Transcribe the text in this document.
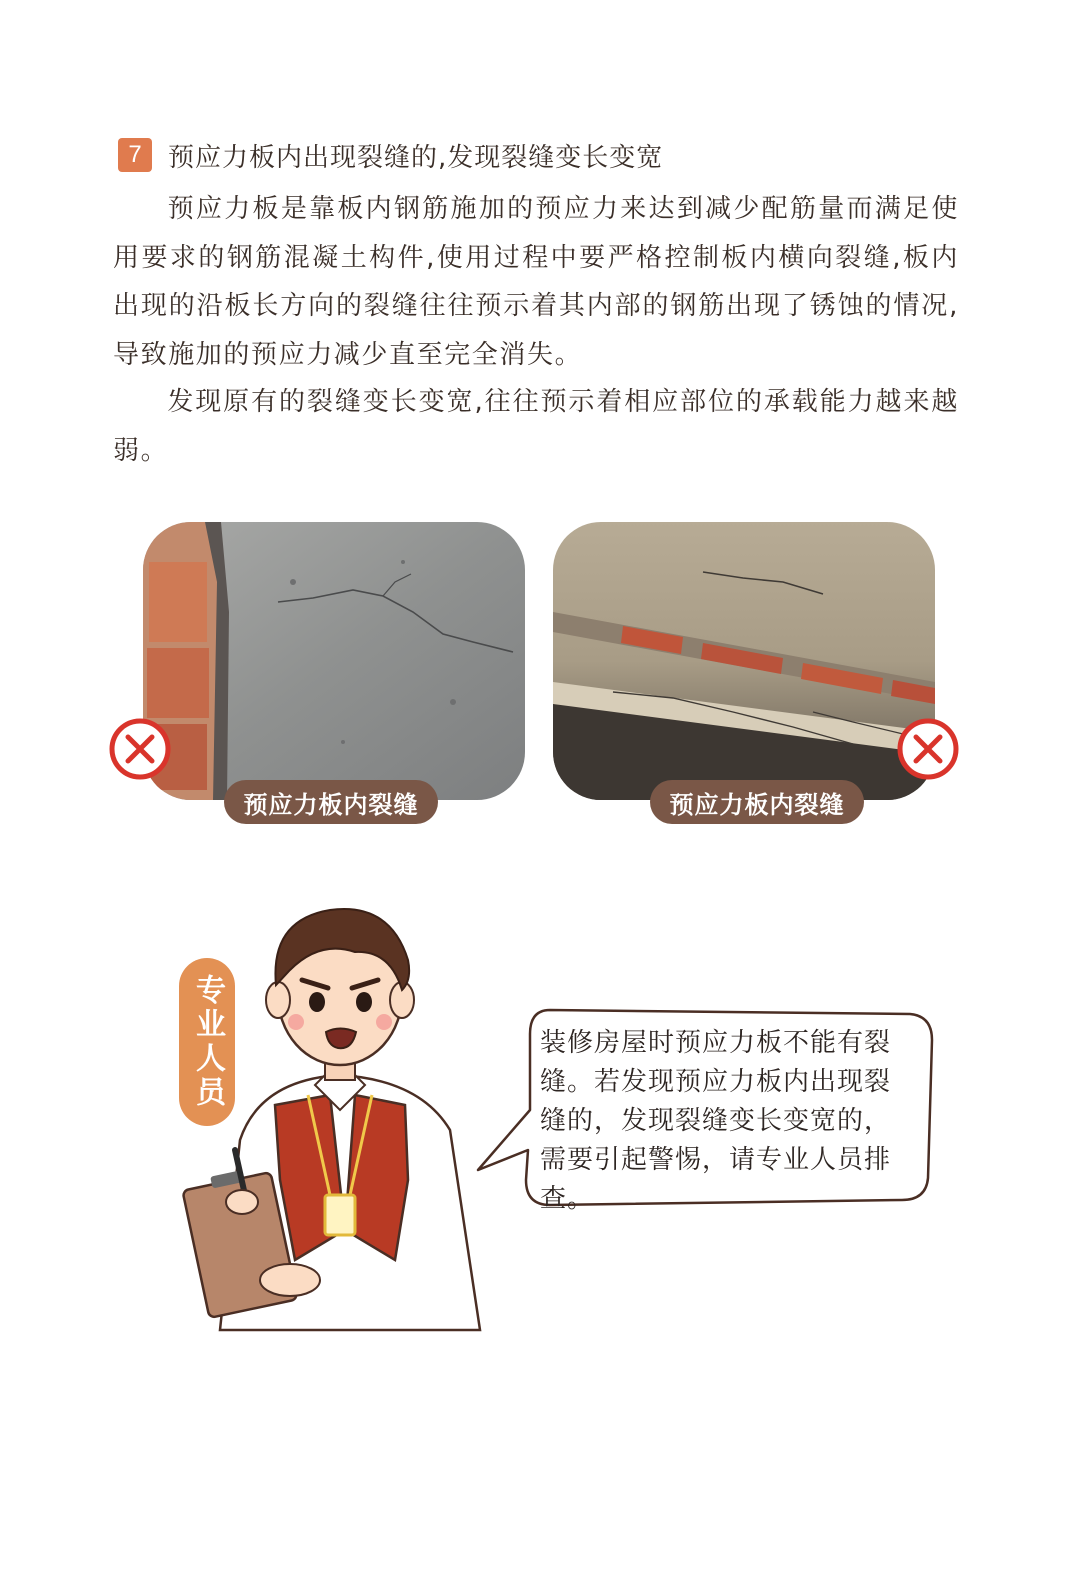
7	预应力板内出现裂缝的,发现裂缝变长变宽

预应力板是靠板内钢筋施加的预应力来达到减少配筋量而满足使用要求的钢筋混凝土构件,使用过程中要严格控制板内横向裂缝,板内出现的沿板长方向的裂缝往往预示着其内部的钢筋出现了锈蚀的情况,导致施加的预应力减少直至完全消失。

发现原有的裂缝变长变宽,往往预示着相应部位的承载能力越来越弱。

预应力板内裂缝	预应力板内裂缝
专业人员	装修房屋时预应力板不能有裂缝。若发现预应力板内出现裂缝的，发现裂缝变长变宽的，需要引起警惕，请专业人员排查。
